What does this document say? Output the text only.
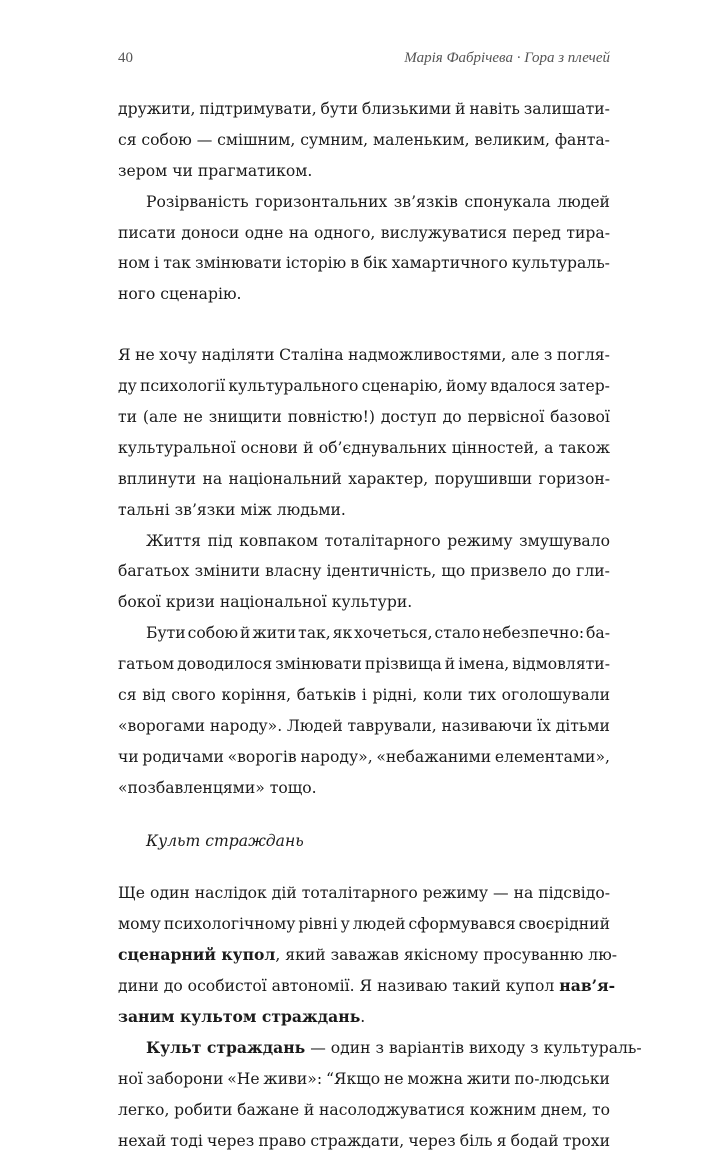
40	Марія Фабрічева · Гора з плечей
дружити, підтримувати, бути близькими й навіть залишати-
ся собою — смішним, сумним, маленьким, великим, фанта-
зером чи прагматиком.
Розірваність горизонтальних зв’язків спонукала людей
писати доноси одне на одного, вислужуватися перед тира-
ном і так змінювати історію в бік хамартичного культураль-
ного сценарію.
Я не хочу наділяти Сталіна надможливостями, але з погля-
ду психології культурального сценарію, йому вдалося затер-
ти (але не знищити повністю!) доступ до первісної базової
культуральної основи й об’єднувальних цінностей, а також
вплинути на національний характер, порушивши горизон-
тальні зв’язки між людьми.
Життя під ковпаком тоталітарного режиму змушувало
багатьох змінити власну ідентичність, що призвело до гли-
бокої кризи національної культури.
Бути собою й жити так, як хочеться, стало небезпечно: ба-
гатьом доводилося змінювати прізвища й імена, відмовляти-
ся від свого коріння, батьків і рідні, коли тих оголошували
«ворогами народу». Людей таврували, називаючи їх дітьми
чи родичами «ворогів народу», «небажаними елементами»,
«позбавленцями» тощо.
Культ страждань
Ще один наслідок дій тоталітарного режиму — на підсвідо-
мому психологічному рівні у людей сформувався своєрідний
сценарний купол, який заважав якісному просуванню лю-
дини до особистої автономії. Я називаю такий купол нав’я-
заним культом страждань.
Культ страждань — один з варіантів виходу з культураль-
ної заборони «Не живи»: “Якщо не можна жити по-людськи
легко, робити бажане й насолоджуватися кожним днем, то
нехай тоді через право страждати, через біль я бодай трохи
